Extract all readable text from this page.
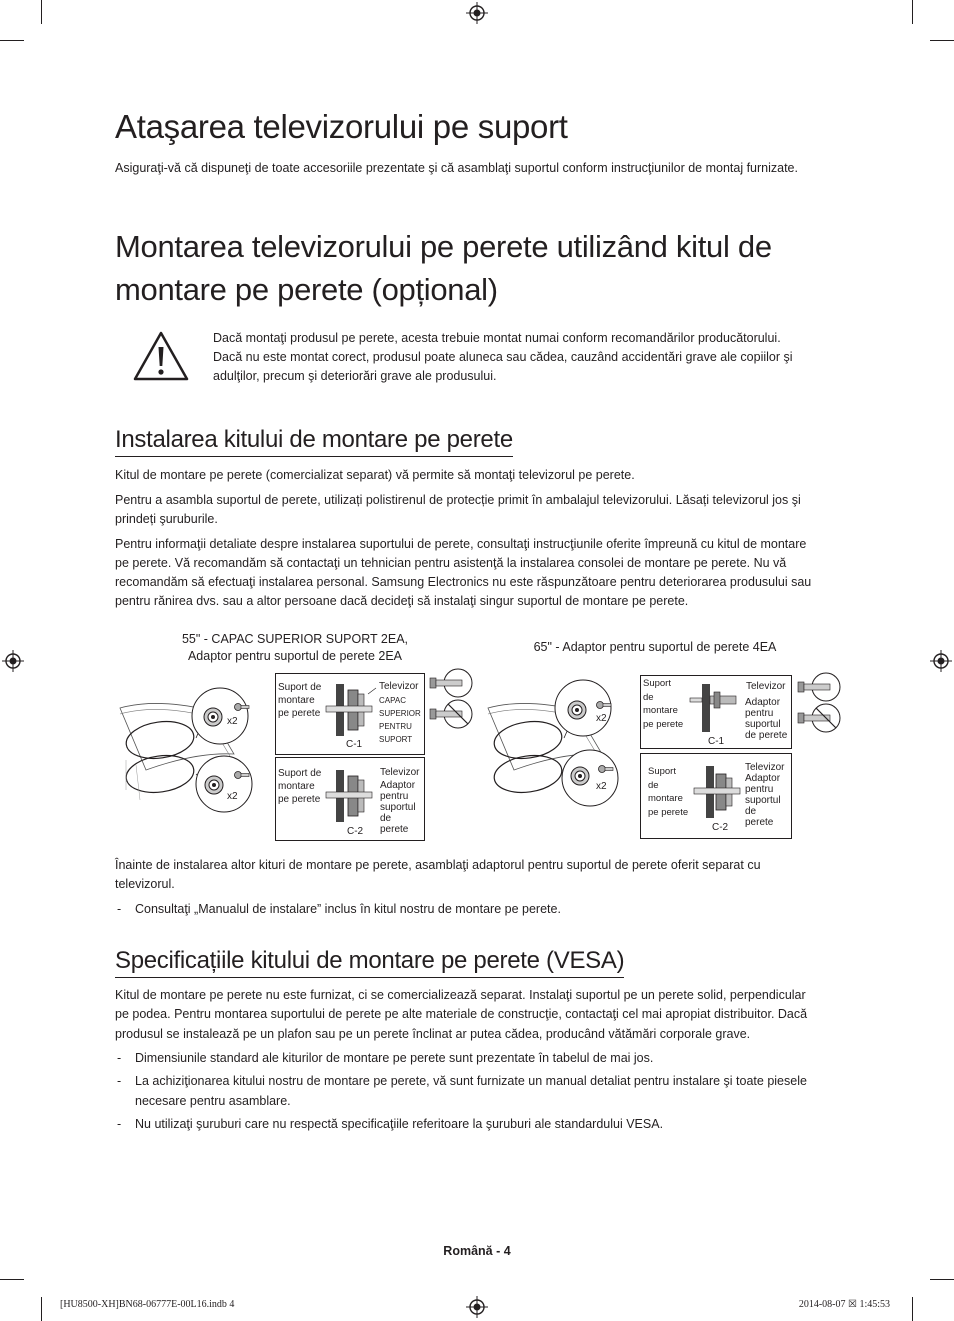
Ataşarea televizorului pe suport
Asiguraţi-vă că dispuneţi de toate accesoriile prezentate şi că asamblaţi suportul conform instrucţiunilor de montaj furnizate.
Montarea televizorului pe perete utilizând kitul de
montare pe perete (opțional)
Dacă montaţi produsul pe perete, acesta trebuie montat numai conform recomandărilor producătorului.
Dacă nu este montat corect, produsul poate aluneca sau cădea, cauzând accidentări grave ale copiilor şi
adulţilor, precum şi deteriorări grave ale produsului.
Instalarea kitului de montare pe perete
Kitul de montare pe perete (comercializat separat) vă permite să montaţi televizorul pe perete.
Pentru a asambla suportul de perete, utilizați polistirenul de protecție primit în ambalajul televizorului. Lăsați televizorul jos şi
prindeți şuruburile.
Pentru informaţii detaliate despre instalarea suportului de perete, consultaţi instrucţiunile oferite împreună cu kitul de montare
pe perete. Vă recomandăm să contactaţi un tehnician pentru asistenţă la instalarea consolei de montare pe perete. Nu vă
recomandăm să efectuaţi instalarea personal. Samsung Electronics nu este răspunzătoare pentru deteriorarea produsului sau
pentru rănirea dvs. sau a altor persoane dacă decideţi să instalaţi singur suportul de montare pe perete.
55" - CAPAC SUPERIOR SUPORT 2EA,
Adaptor pentru suportul de perete 2EA
65" - Adaptor pentru suportul de perete 4EA
x2
x2
Suport de
montare
pe perete
Televizor
CAPAC
SUPERIOR
PENTRU
SUPORT
C-1
Suport de
montare
pe perete
Televizor
Adaptor
pentru
suportul
de
perete
C-2
x2
x2
Suport
de
montare
pe perete
Televizor
Adaptor
pentru
suportul
de perete
C-1
Suport
de
montare
pe perete
Televizor
Adaptor
pentru
suportul
de
perete
C-2
Înainte de instalarea altor kituri de montare pe perete, asamblaţi adaptorul pentru suportul de perete oferit separat cu
televizorul.
- Consultaţi „Manualul de instalare” inclus în kitul nostru de montare pe perete.
Specificațiile kitului de montare pe perete (VESA)
Kitul de montare pe perete nu este furnizat, ci se comercializează separat. Instalaţi suportul pe un perete solid, perpendicular
pe podea. Pentru montarea suportului de perete pe alte materiale de construcţie, contactaţi cel mai apropiat distribuitor. Dacă
produsul se instalează pe un plafon sau pe un perete înclinat ar putea cădea, producând vătămări corporale grave.
- Dimensiunile standard ale kiturilor de montare pe perete sunt prezentate în tabelul de mai jos.
- La achiziţionarea kitului nostru de montare pe perete, vă sunt furnizate un manual detaliat pentru instalare şi toate piesele
necesare pentru asamblare.
- Nu utilizaţi şuruburi care nu respectă specificaţiile referitoare la şuruburi ale standardului VESA.
Română - 4
[HU8500-XH]BN68-06777E-00L16.indb 4	2014-08-07 ☒ 1:45:53
